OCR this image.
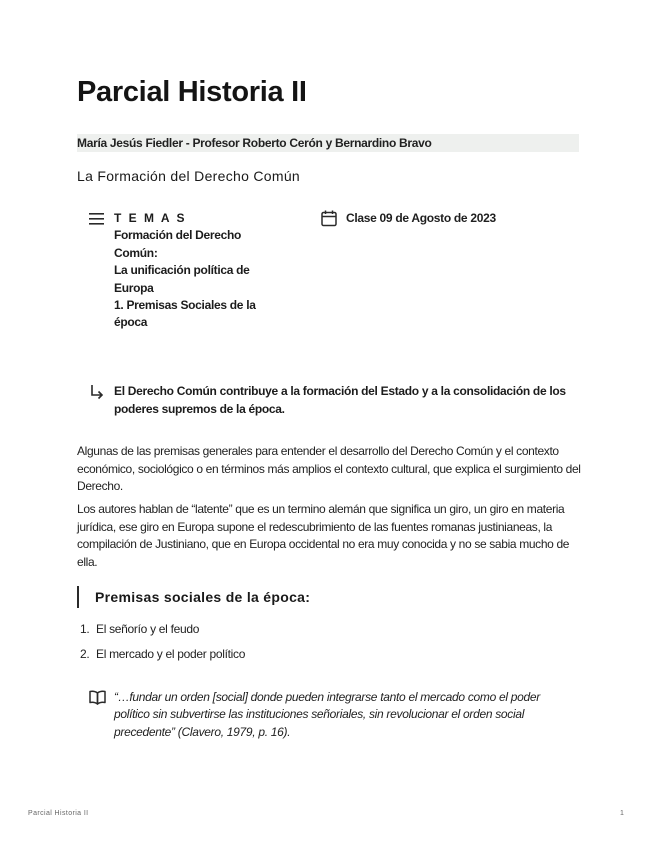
Parcial Historia II
María Jesús Fiedler - Profesor Roberto Cerón y Bernardino Bravo
La Formación del Derecho Común
T E M A S
Formación del Derecho
Común:
La unificación política de
Europa
1. Premisas Sociales de la
época
Clase 09 de Agosto de 2023
El Derecho Común contribuye a la formación del Estado y a la consolidación de los poderes supremos de la época.

Algunas de las premisas generales para entender el desarrollo del Derecho Común y el contexto económico, sociológico o en términos más amplios el contexto cultural, que explica el surgimiento del Derecho.

Los autores hablan de “latente” que es un termino alemán que significa un giro, un giro en materia jurídica, ese giro en Europa supone el redescubrimiento de las fuentes romanas justinianeas, la compilación de Justiniano, que en Europa occidental no era muy conocida y no se sabia mucho de ella.

Premisas sociales de la época:
1. El señorío y el feudo
2. El mercado y el poder político
“…fundar un orden [social] donde pueden integrarse tanto el mercado como el poder político sin subvertirse las instituciones señoriales, sin revolucionar el orden social precedente” (Clavero, 1979, p. 16).
Parcial Historia II	1
